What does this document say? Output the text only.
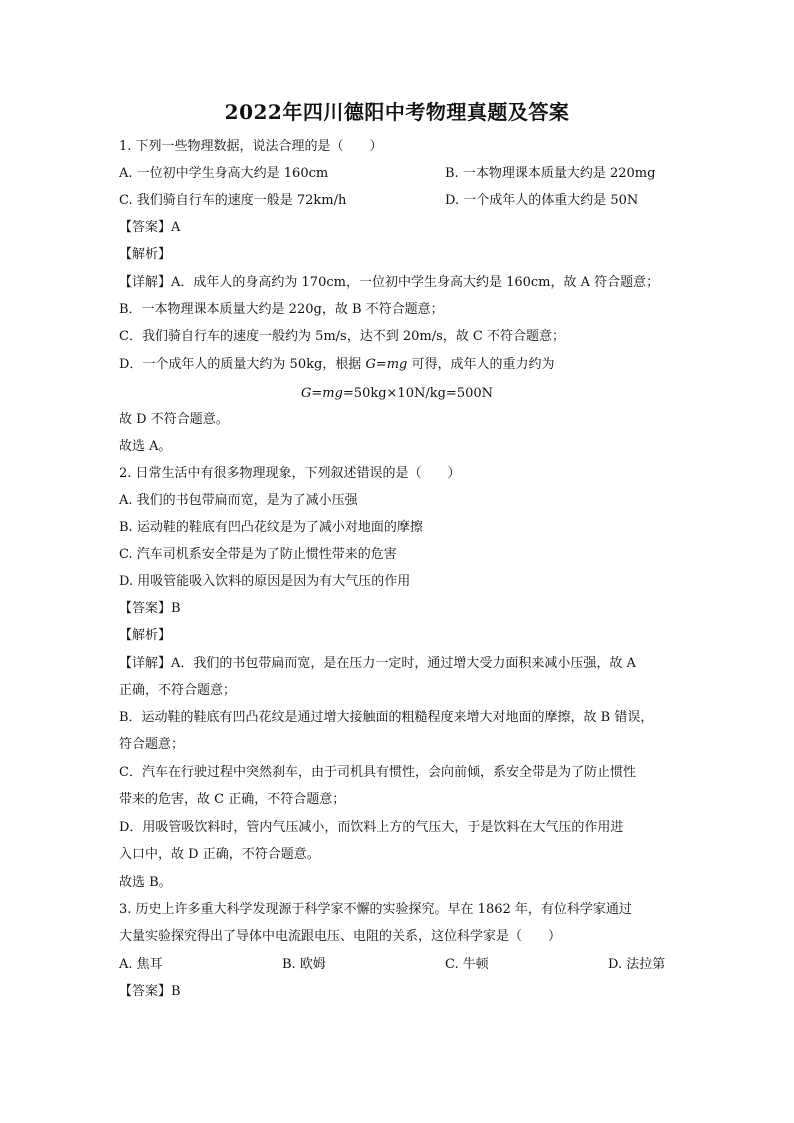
2022年四川德阳中考物理真题及答案
1. 下列一些物理数据，说法合理的是（　　）
A. 一位初中学生身高大约是 160cm	B. 一本物理课本质量大约是 220mg
C. 我们骑自行车的速度一般是 72km/h	D. 一个成年人的体重大约是 50N
【答案】A
【解析】
【详解】A．成年人的身高约为 170cm，一位初中学生身高大约是 160cm，故 A 符合题意；
B．一本物理课本质量大约是 220g，故 B 不符合题意；
C．我们骑自行车的速度一般约为 5m/s，达不到 20m/s，故 C 不符合题意；
D．一个成年人的质量大约为 50kg，根据 G=mg 可得，成年人的重力约为
G=mg=50kg×10N/kg=500N
故 D 不符合题意。
故选 A。
2. 日常生活中有很多物理现象，下列叙述错误的是（　　）
A. 我们的书包带扁而宽，是为了减小压强
B. 运动鞋的鞋底有凹凸花纹是为了减小对地面的摩擦
C. 汽车司机系安全带是为了防止惯性带来的危害
D. 用吸管能吸入饮料的原因是因为有大气压的作用
【答案】B
【解析】
【详解】A．我们的书包带扁而宽，是在压力一定时，通过增大受力面积来减小压强，故 A
正确，不符合题意；
B．运动鞋的鞋底有凹凸花纹是通过增大接触面的粗糙程度来增大对地面的摩擦，故 B 错误，
符合题意；
C．汽车在行驶过程中突然刹车，由于司机具有惯性，会向前倾，系安全带是为了防止惯性
带来的危害，故 C 正确，不符合题意；
D．用吸管吸饮料时，管内气压减小，而饮料上方的气压大，于是饮料在大气压的作用进
入口中，故 D 正确，不符合题意。
故选 B。
3. 历史上许多重大科学发现源于科学家不懈的实验探究。早在 1862 年，有位科学家通过
大量实验探究得出了导体中电流跟电压、电阻的关系，这位科学家是（　　）
A. 焦耳	B. 欧姆	C. 牛顿	D. 法拉第
【答案】B
